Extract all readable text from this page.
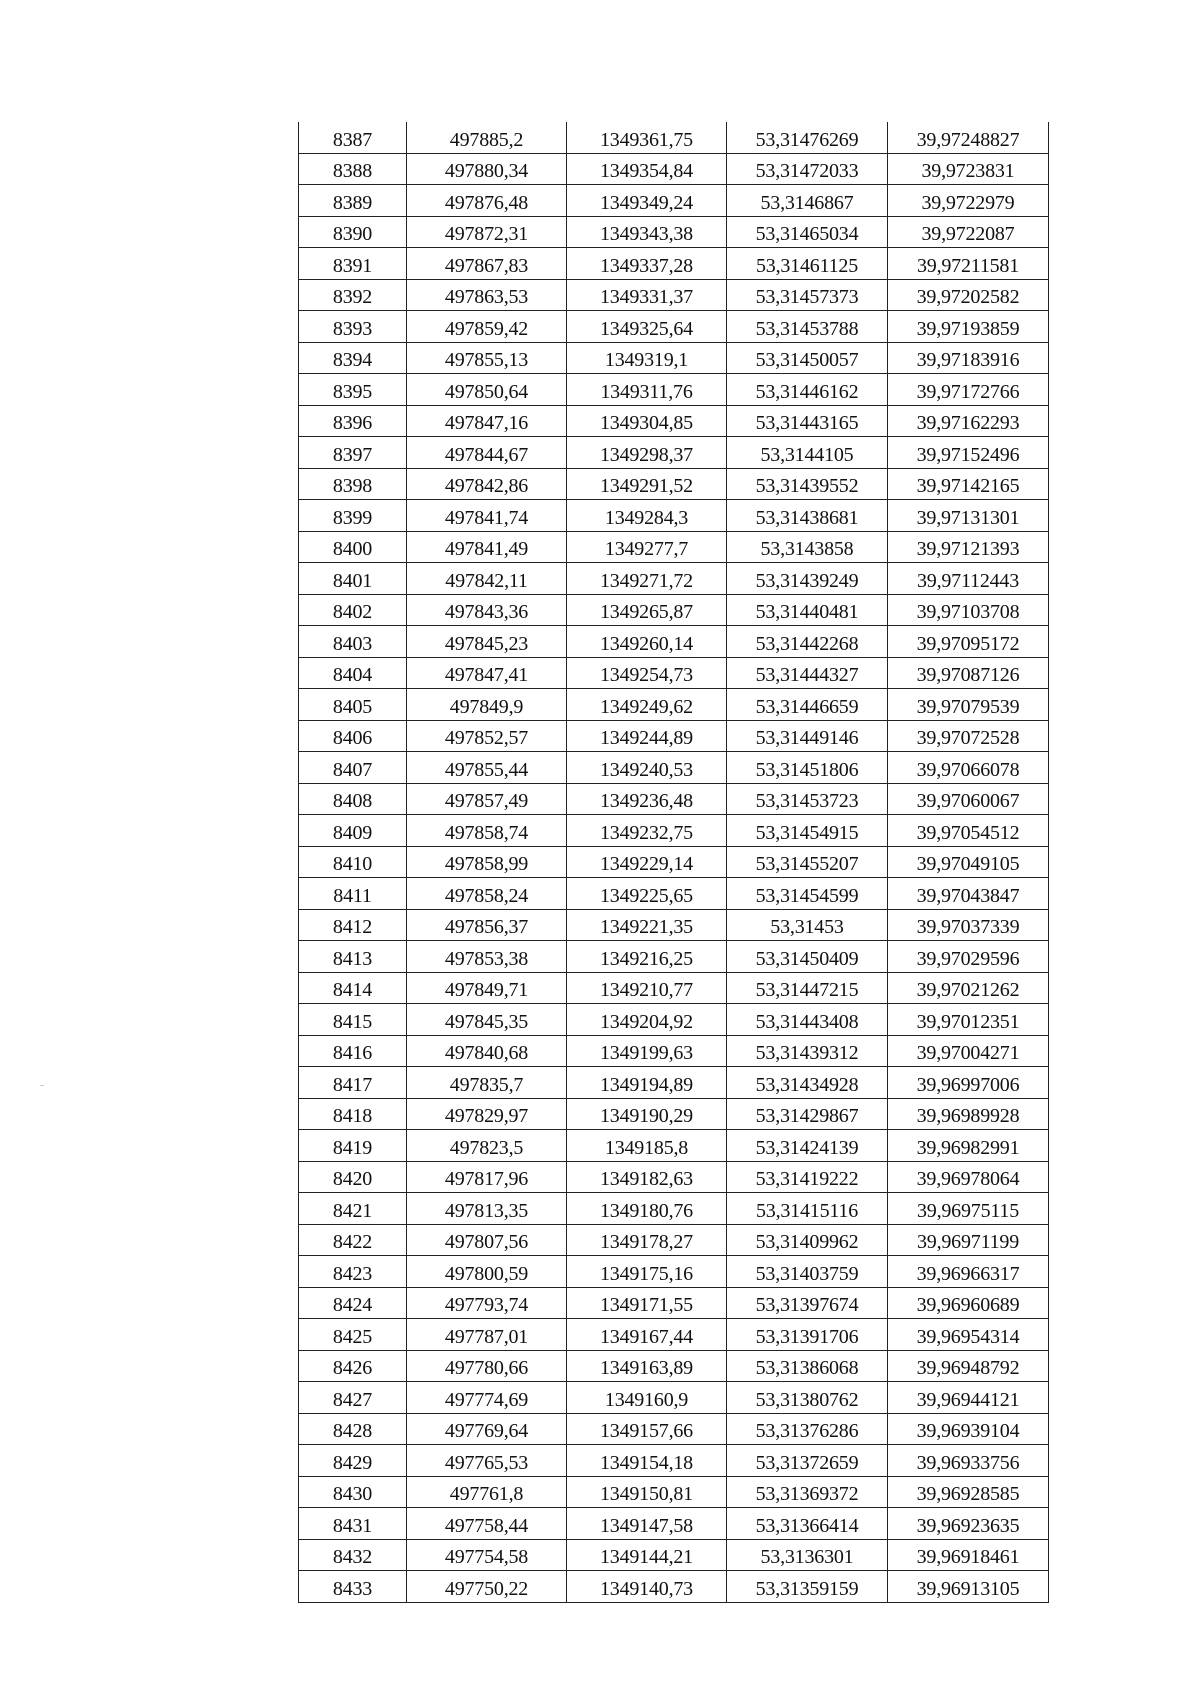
8387	497885,2	1349361,75	53,31476269	39,97248827
8388	497880,34	1349354,84	53,31472033	39,9723831
8389	497876,48	1349349,24	53,3146867	39,9722979
8390	497872,31	1349343,38	53,31465034	39,9722087
8391	497867,83	1349337,28	53,31461125	39,97211581
8392	497863,53	1349331,37	53,31457373	39,97202582
8393	497859,42	1349325,64	53,31453788	39,97193859
8394	497855,13	1349319,1	53,31450057	39,97183916
8395	497850,64	1349311,76	53,31446162	39,97172766
8396	497847,16	1349304,85	53,31443165	39,97162293
8397	497844,67	1349298,37	53,3144105	39,97152496
8398	497842,86	1349291,52	53,31439552	39,97142165
8399	497841,74	1349284,3	53,31438681	39,97131301
8400	497841,49	1349277,7	53,3143858	39,97121393
8401	497842,11	1349271,72	53,31439249	39,97112443
8402	497843,36	1349265,87	53,31440481	39,97103708
8403	497845,23	1349260,14	53,31442268	39,97095172
8404	497847,41	1349254,73	53,31444327	39,97087126
8405	497849,9	1349249,62	53,31446659	39,97079539
8406	497852,57	1349244,89	53,31449146	39,97072528
8407	497855,44	1349240,53	53,31451806	39,97066078
8408	497857,49	1349236,48	53,31453723	39,97060067
8409	497858,74	1349232,75	53,31454915	39,97054512
8410	497858,99	1349229,14	53,31455207	39,97049105
8411	497858,24	1349225,65	53,31454599	39,97043847
8412	497856,37	1349221,35	53,31453	39,97037339
8413	497853,38	1349216,25	53,31450409	39,97029596
8414	497849,71	1349210,77	53,31447215	39,97021262
8415	497845,35	1349204,92	53,31443408	39,97012351
8416	497840,68	1349199,63	53,31439312	39,97004271
8417	497835,7	1349194,89	53,31434928	39,96997006
8418	497829,97	1349190,29	53,31429867	39,96989928
8419	497823,5	1349185,8	53,31424139	39,96982991
8420	497817,96	1349182,63	53,31419222	39,96978064
8421	497813,35	1349180,76	53,31415116	39,96975115
8422	497807,56	1349178,27	53,31409962	39,96971199
8423	497800,59	1349175,16	53,31403759	39,96966317
8424	497793,74	1349171,55	53,31397674	39,96960689
8425	497787,01	1349167,44	53,31391706	39,96954314
8426	497780,66	1349163,89	53,31386068	39,96948792
8427	497774,69	1349160,9	53,31380762	39,96944121
8428	497769,64	1349157,66	53,31376286	39,96939104
8429	497765,53	1349154,18	53,31372659	39,96933756
8430	497761,8	1349150,81	53,31369372	39,96928585
8431	497758,44	1349147,58	53,31366414	39,96923635
8432	497754,58	1349144,21	53,3136301	39,96918461
8433	497750,22	1349140,73	53,31359159	39,96913105
